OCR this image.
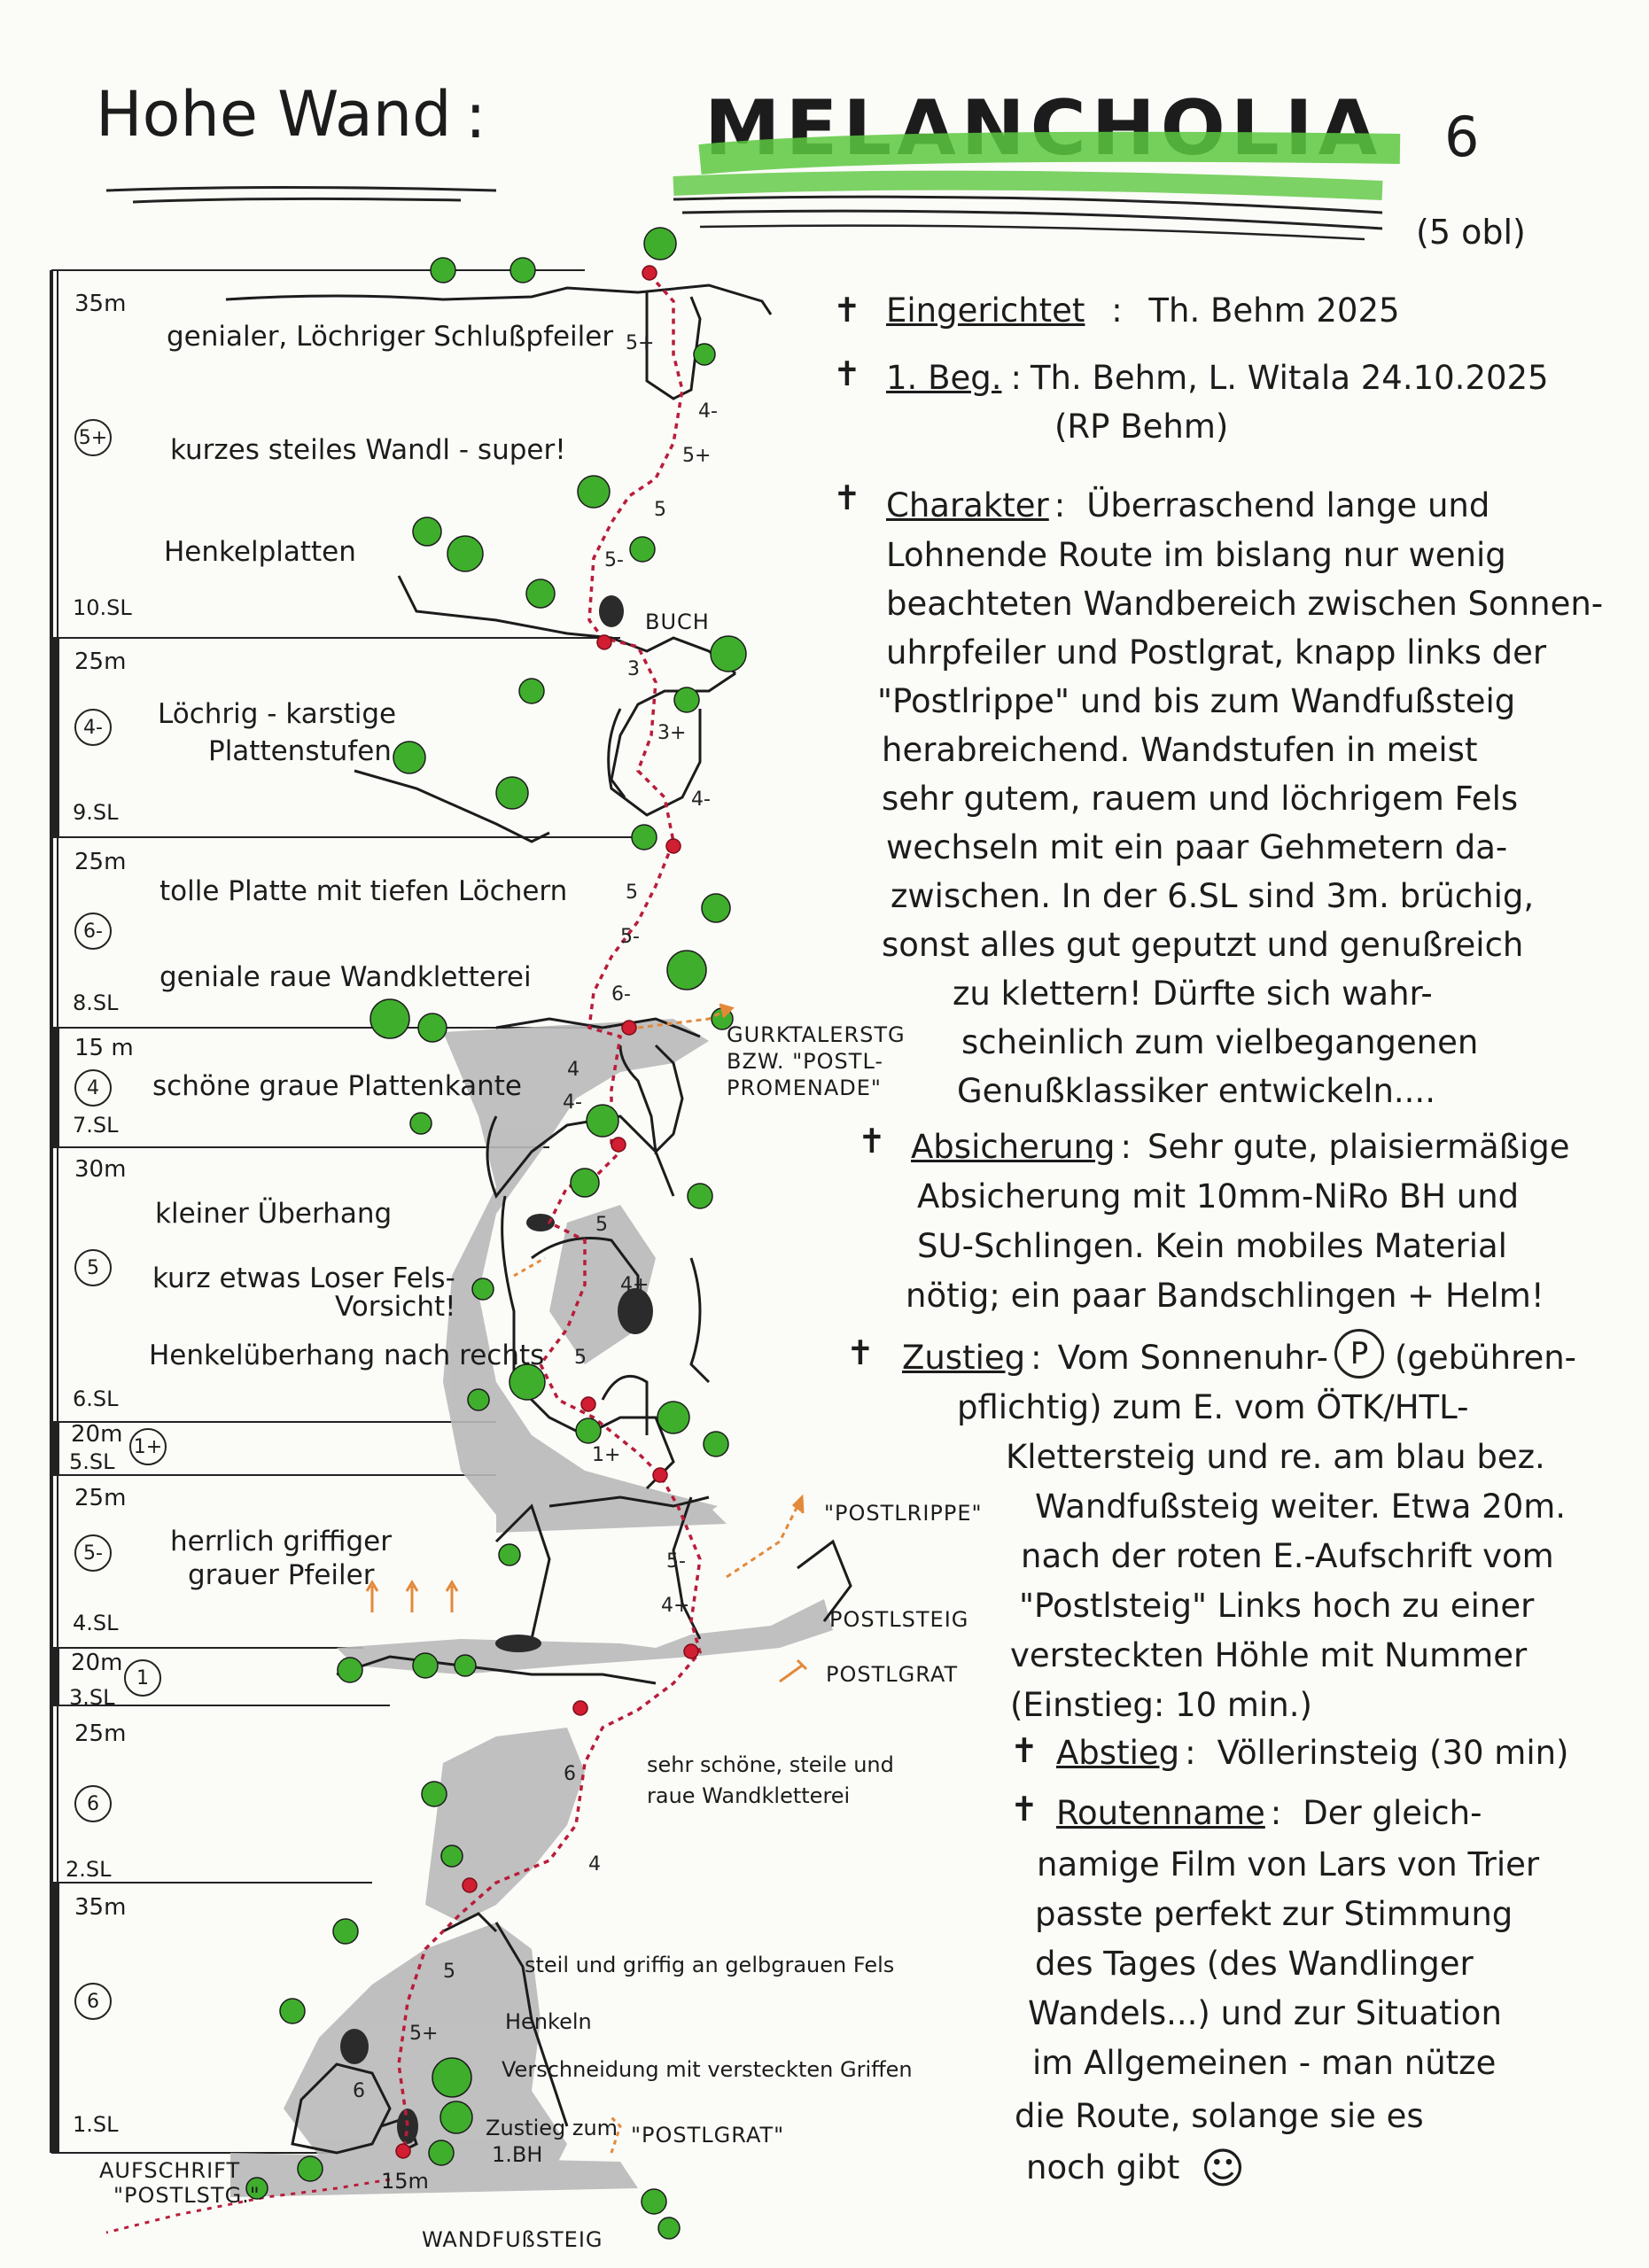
Hohe Wand :	MELANCHOLIA 6
(5 obl)
35m
5+
10.SL
25m
4-
9.SL
25m
6-
8.SL
15 m
4
7.SL
30m
5
6.SL
20m 1+
5.SL
25m
5-
4.SL
20m
1
3.SL
25m
6
2.SL
35m
6
1.SL
genialer, Löchriger Schlußpfeiler
kurzes steiles Wandl - super!
Henkelplatten
Löchrig - karstige
Plattenstufen
tolle Platte mit tiefen Löchern
geniale raue Wandkletterei
schöne graue Plattenkante
kleiner Überhang
kurz etwas Loser Fels-
Vorsicht!
Henkelüberhang nach rechts
herrlich griffiger
grauer Pfeiler
5+
4-
5+
5
5-
3
3+
4-
5
5-
6-
4
4-
5
4+
5
1+
5-
4+
6
4
5
5+
6
BUCH
GURKTALERSTG
BZW. "POSTL-
PROMENADE"
"POSTLRIPPE"
POSTLSTEIG
POSTLGRAT
sehr schöne, steile und
raue Wandkletterei
steil und griffig an gelbgrauen Fels
Henkeln
Verschneidung mit versteckten Griffen
Zustieg zum
1.BH
"POSTLGRAT"
AUFSCHRIFT
"POSTLSTG."
15m
WANDFUßSTEIG
✝ Eingerichtet : Th. Behm 2025
✝ 1. Beg. : Th. Behm, L. Witala 24.10.2025
(RP Behm)
✝ Charakter : Überraschend lange und
Lohnende Route im bislang nur wenig
beachteten Wandbereich zwischen Sonnen-
uhrpfeiler und Postlgrat, knapp links der
"Postlrippe" und bis zum Wandfußsteig
herabreichend. Wandstufen in meist
sehr gutem, rauem und löchrigem Fels
wechseln mit ein paar Gehmetern da-
zwischen. In der 6.SL sind 3m. brüchig,
sonst alles gut geputzt und genußreich
zu klettern! Dürfte sich wahr-
scheinlich zum vielbegangenen
Genußklassiker entwickeln....
✝ Absicherung : Sehr gute, plaisiermäßige
Absicherung mit 10mm-NiRo BH und
SU-Schlingen. Kein mobiles Material
nötig; ein paar Bandschlingen + Helm!
✝ Zustieg : Vom Sonnenuhr- P (gebühren-
pflichtig) zum E. vom ÖTK/HTL-
Klettersteig und re. am blau bez.
Wandfußsteig weiter. Etwa 20m.
nach der roten E.-Aufschrift vom
"Postlsteig" Links hoch zu einer
versteckten Höhle mit Nummer
(Einstieg: 10 min.)
✝ Abstieg : Völlerinsteig (30 min)
✝ Routenname : Der gleich-
namige Film von Lars von Trier
passte perfekt zur Stimmung
des Tages (des Wandlinger
Wandels...) und zur Situation
im Allgemeinen - man nütze
die Route, solange sie es
noch gibt ☺
